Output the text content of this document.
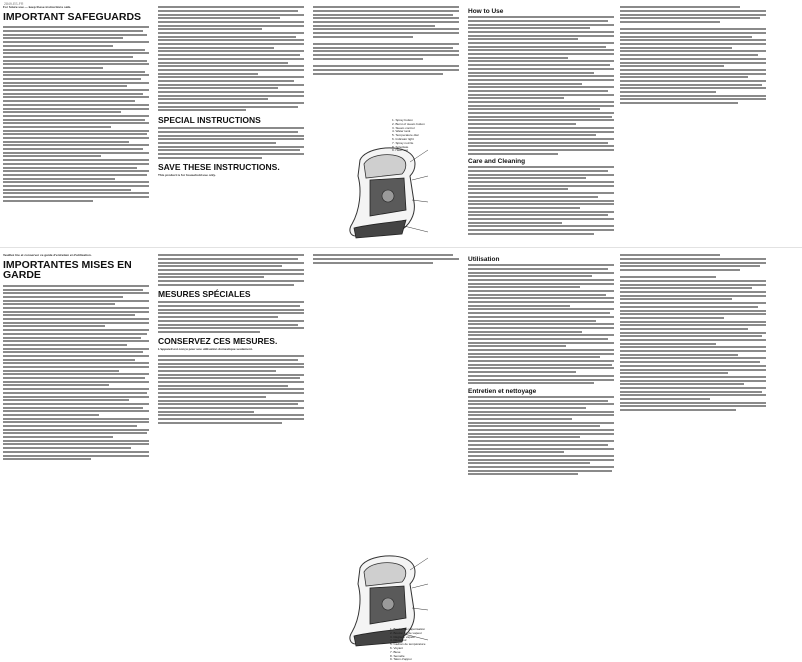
2849-ES-FR
For future use — keep these instructions safe.
IMPORTANT SAFEGUARDS
SPECIAL INSTRUCTIONS
SAVE THESE INSTRUCTIONS.
This product is for household use only.
1. Spray button
2. Burst of steam button
3. Steam control
4. Water tank
5. Temperature dial
6. Indicator light
7. Spray nozzle
8. Soleplate
9. Heel rest
How to Use
Care and Cleaning
Veuillez lire et conserver ce guide d'entretien et d'utilisation.
IMPORTANTES MISES EN GARDE
MESURES SPÉCIALES
CONSERVEZ CES MESURES.
L'appareil est conçu pour une utilisation domestique seulement.
1. Bouton de vaporisation
2. Bouton jet de vapeur
3. Réglage vapeur
4. Réservoir
5. Cadran de température
6. Voyant
7. Buse
8. Semelle
9. Talon d'appui
Utilisation
Entretien et nettoyage
